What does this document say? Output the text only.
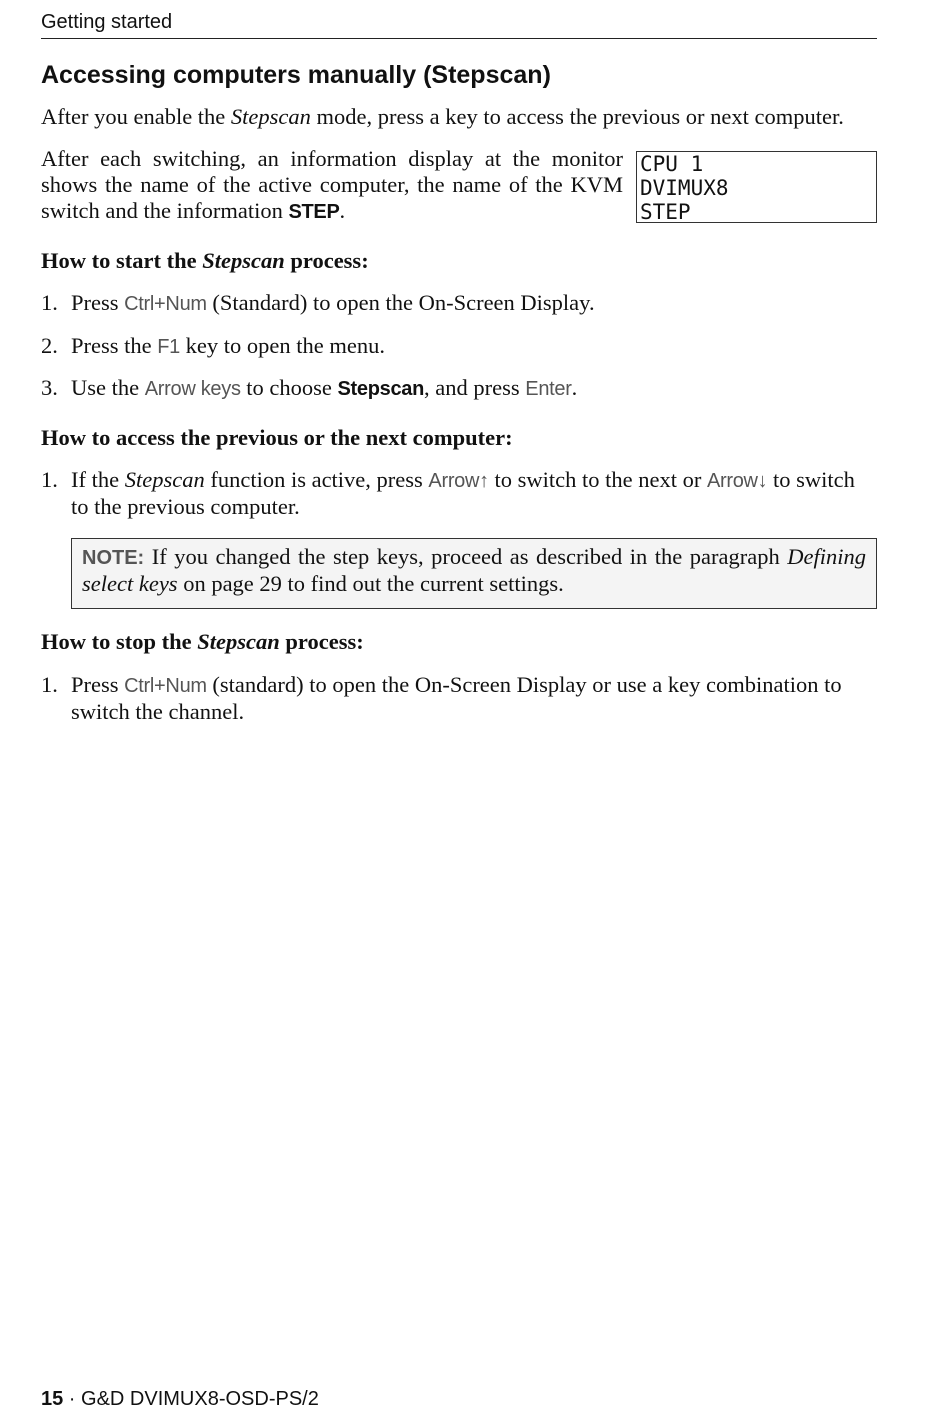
Getting started
Accessing computers manually (Stepscan)

After you enable the Stepscan mode, press a key to access the previous or next computer.

After each switching, an information display at the monitor shows the name of the active computer, the name of the KVM switch and the information STEP.

CPU 1
DVIMUX8
STEP

How to start the Stepscan process:

1. Press Ctrl+Num (Standard) to open the On-Screen Display.
2. Press the F1 key to open the menu.
3. Use the Arrow keys to choose Stepscan, and press Enter.

How to access the previous or the next computer:

1. If the Stepscan function is active, press Arrow↑ to switch to the next or Arrow↓ to switch to the previous computer.
NOTE: If you changed the step keys, proceed as described in the paragraph Defining select keys on page 29 to find out the current settings.

How to stop the Stepscan process:

1. Press Ctrl+Num (standard) to open the On-Screen Display or use a key combination to switch the channel.
15 · G&D DVIMUX8-OSD-PS/2
